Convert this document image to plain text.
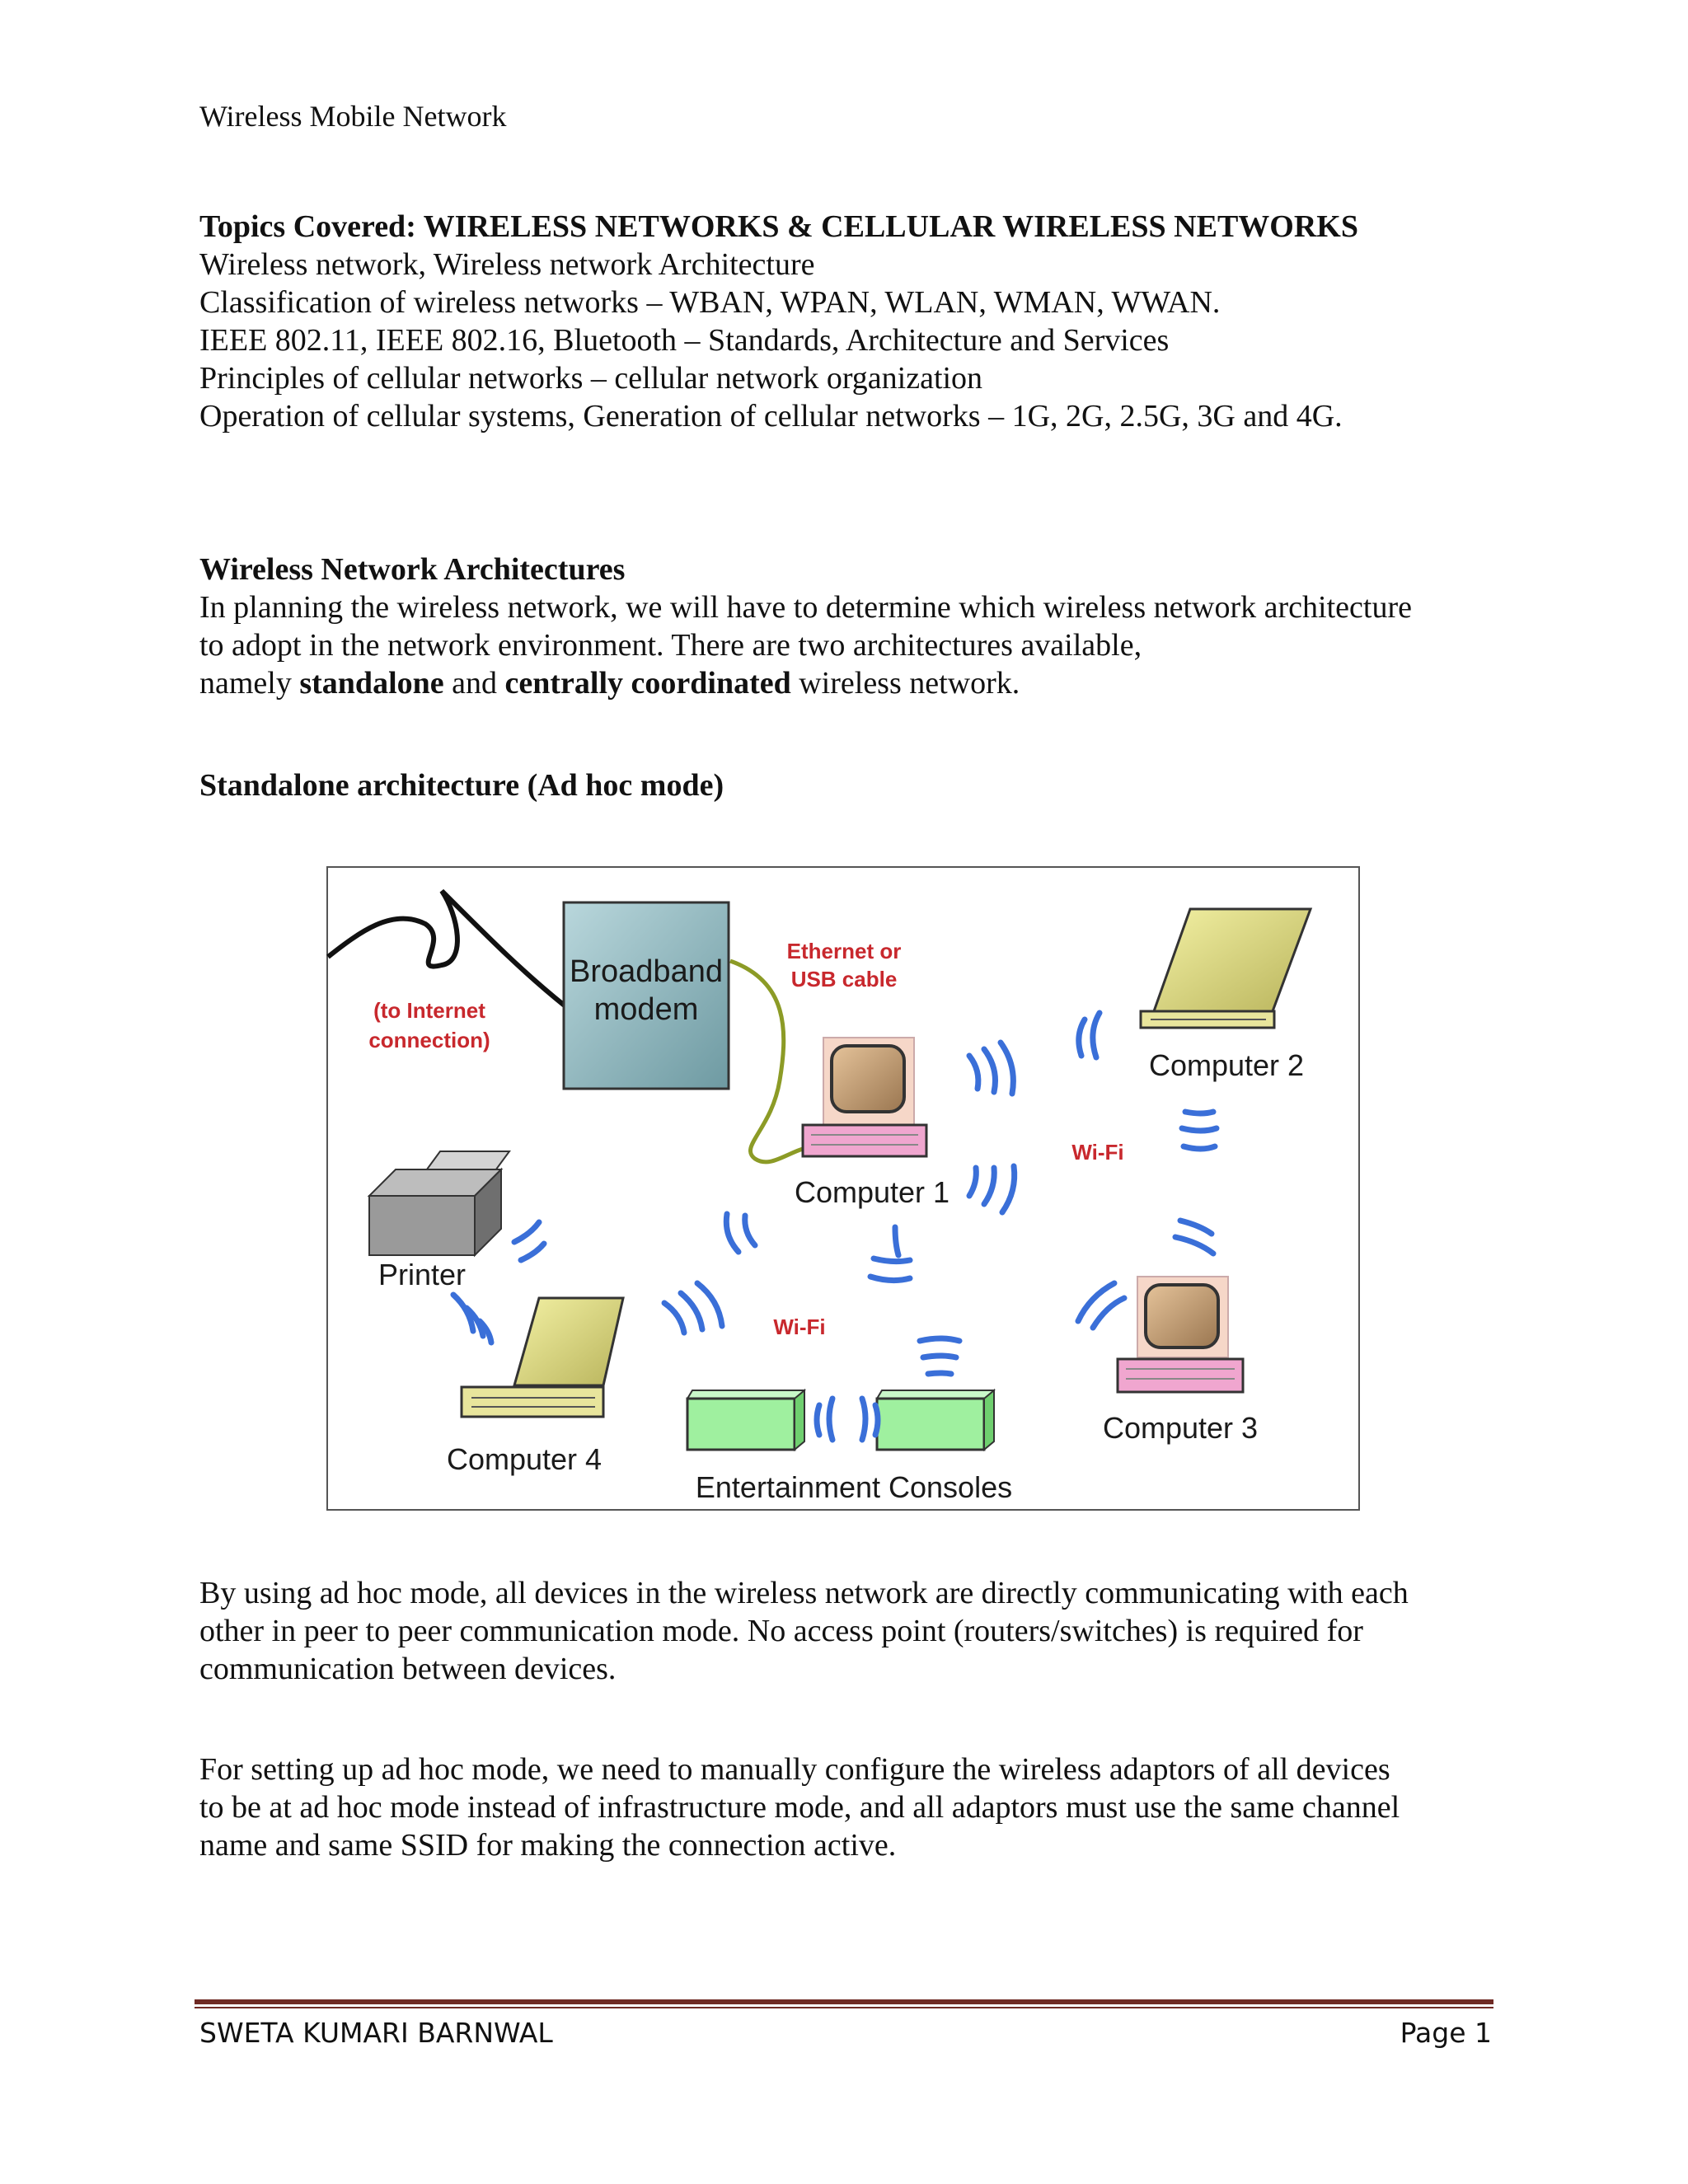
Wireless Mobile Network
Topics Covered: WIRELESS NETWORKS & CELLULAR WIRELESS NETWORKS
Wireless network, Wireless network Architecture
Classification of wireless networks – WBAN, WPAN, WLAN, WMAN, WWAN.
IEEE 802.11, IEEE 802.16, Bluetooth – Standards, Architecture and Services
Principles of cellular networks – cellular network organization
Operation of cellular systems, Generation of cellular networks – 1G, 2G, 2.5G, 3G and 4G.
Wireless Network Architectures
In planning the wireless network, we will have to determine which wireless network architecture
to adopt in the network environment. There are two architectures available,
namely standalone and centrally coordinated wireless network.
Standalone architecture (Ad hoc mode)
Broadband
modem
(to Internet
connection)
Ethernet or
USB cable
Computer 1
Computer 2
Computer 3
Computer 4
Printer
Entertainment Consoles
Wi-Fi
Wi-Fi
By using ad hoc mode, all devices in the wireless network are directly communicating with each
other in peer to peer communication mode. No access point (routers/switches) is required for
communication between devices.
For setting up ad hoc mode, we need to manually configure the wireless adaptors of all devices
to be at ad hoc mode instead of infrastructure mode, and all adaptors must use the same channel
name and same SSID for making the connection active.
SWETA KUMARI BARNWAL	Page 1
